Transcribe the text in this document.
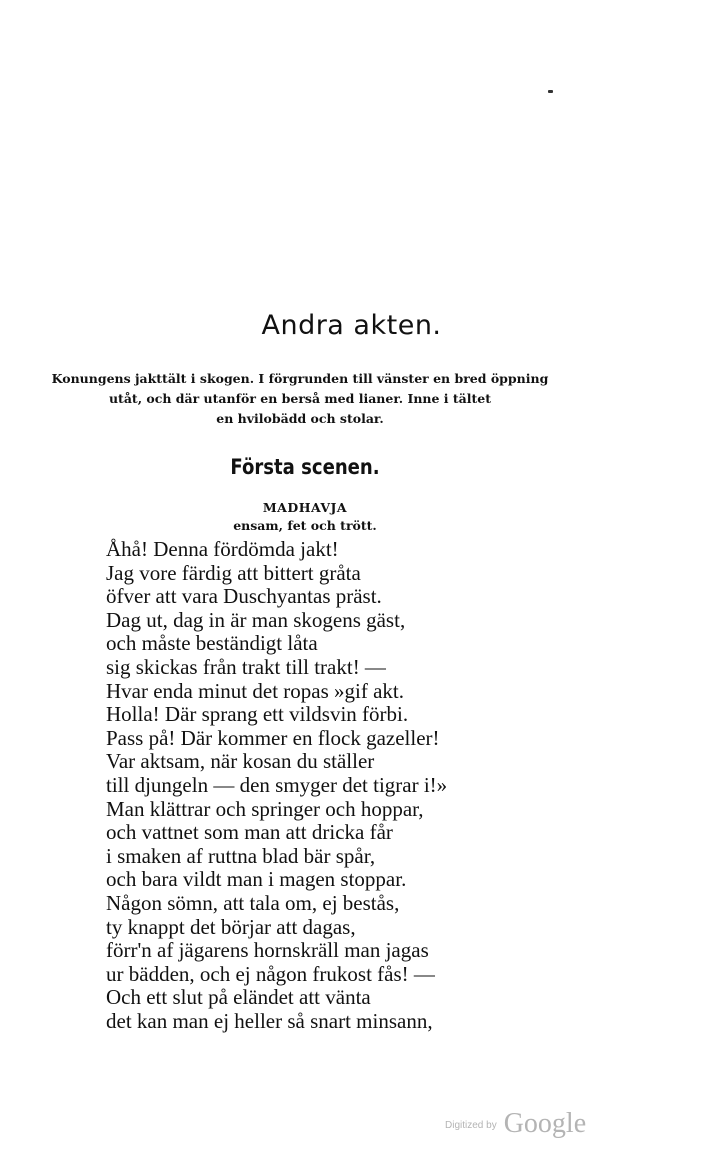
Andra akten.
Konungens jakttält i skogen. I förgrunden till vänster en bred öppning
utåt, och där utanför en berså med lianer. Inne i tältet
en hvilobädd och stolar.
Första scenen.
MADHAVJA
ensam, fet och trött.
Åhå! Denna fördömda jakt!
Jag vore färdig att bittert gråta
öfver att vara Duschyantas präst.
Dag ut, dag in är man skogens gäst,
och måste beständigt låta
sig skickas från trakt till trakt! —
Hvar enda minut det ropas »gif akt.
Holla! Där sprang ett vildsvin förbi.
Pass på! Där kommer en flock gazeller!
Var aktsam, när kosan du ställer
till djungeln — den smyger det tigrar i!»
Man klättrar och springer och hoppar,
och vattnet som man att dricka får
i smaken af ruttna blad bär spår,
och bara vildt man i magen stoppar.
Någon sömn, att tala om, ej bestås,
ty knappt det börjar att dagas,
förr'n af jägarens hornskräll man jagas
ur bädden, och ej någon frukost fås! —
Och ett slut på eländet att vänta
det kan man ej heller så snart minsann,
$^{Digitized by}$ Google
